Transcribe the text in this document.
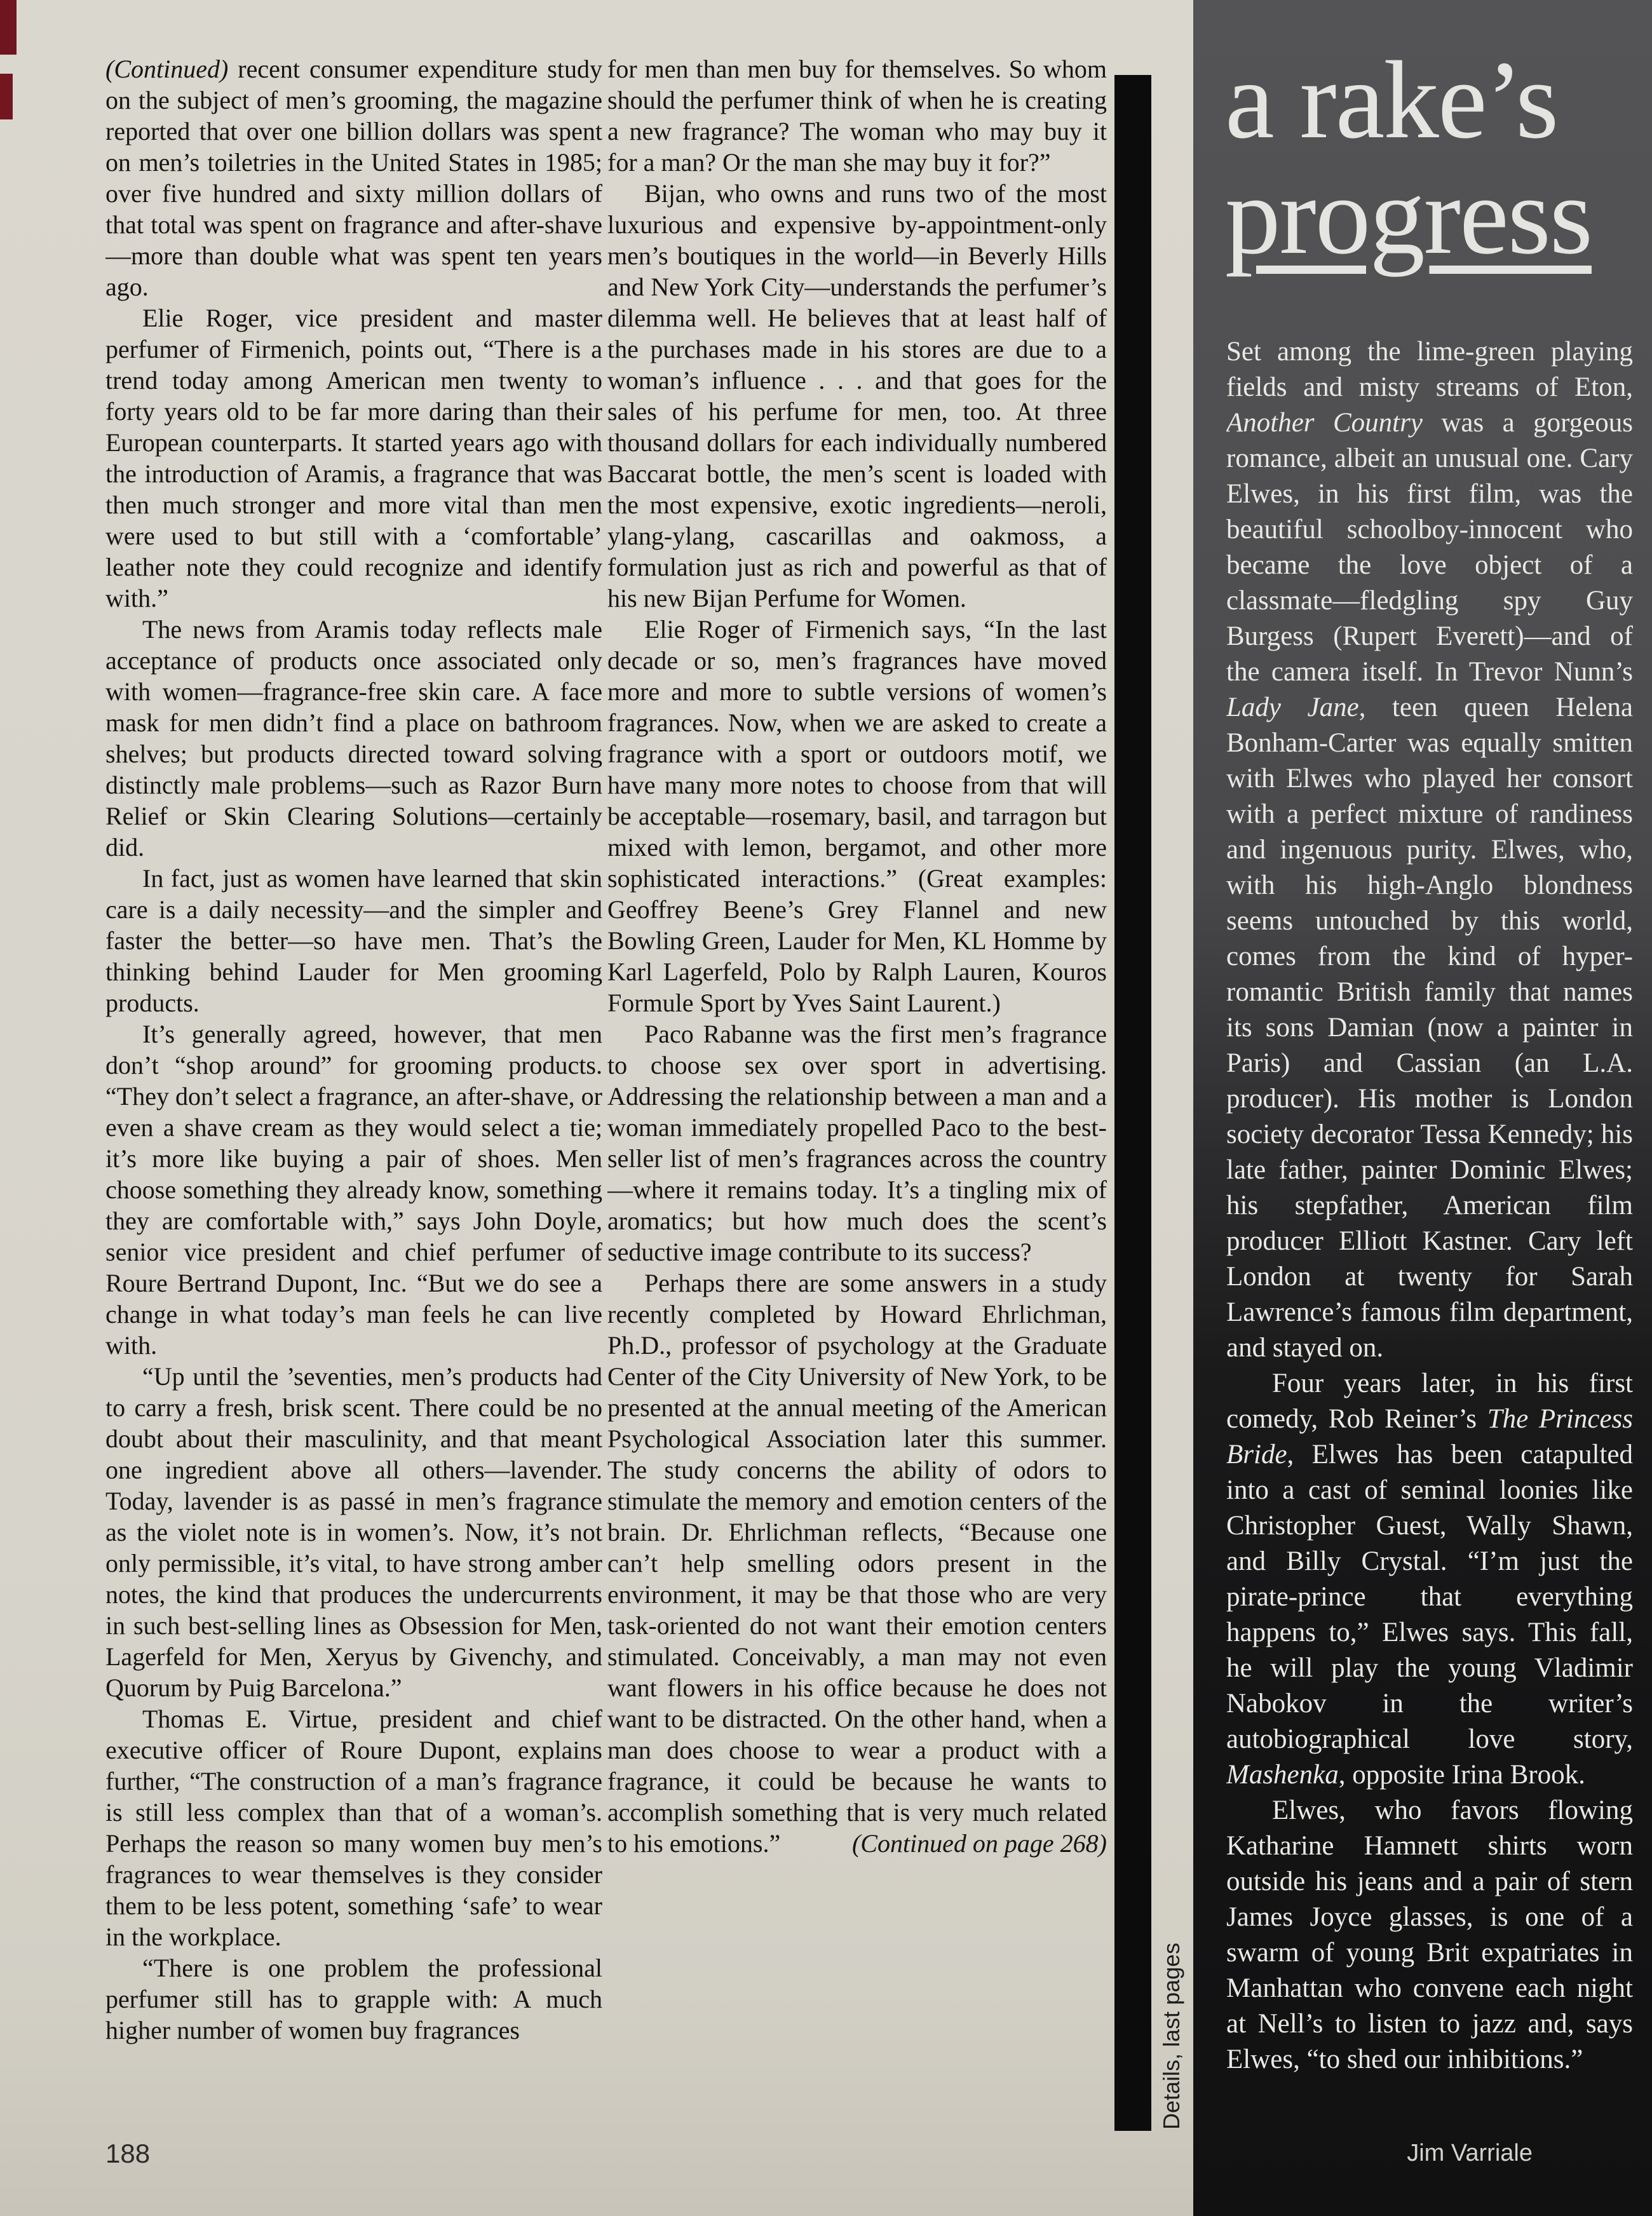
(Continued) recent consumer expenditure study on the subject of men’s grooming, the magazine reported that over one billion dollars was spent on men’s toiletries in the United States in 1985; over five hundred and sixty million dollars of that total was spent on fragrance and after-shave—more than double what was spent ten years ago.

Elie Roger, vice president and master perfumer of Firmenich, points out, “There is a trend today among American men twenty to forty years old to be far more daring than their European counterparts. It started years ago with the introduction of Aramis, a fragrance that was then much stronger and more vital than men were used to but still with a ‘comfortable’ leather note they could recognize and identify with.”

The news from Aramis today reflects male acceptance of products once associated only with women—fragrance-free skin care. A face mask for men didn’t find a place on bathroom shelves; but products directed toward solving distinctly male problems—such as Razor Burn Relief or Skin Clearing Solutions—certainly did.

In fact, just as women have learned that skin care is a daily necessity—and the simpler and faster the better—so have men. That’s the thinking behind Lauder for Men grooming products.

It’s generally agreed, however, that men don’t “shop around” for grooming products. “They don’t select a fragrance, an after-shave, or even a shave cream as they would select a tie; it’s more like buying a pair of shoes. Men choose something they already know, something they are comfortable with,” says John Doyle, senior vice president and chief perfumer of Roure Bertrand Dupont, Inc. “But we do see a change in what today’s man feels he can live with.

“Up until the ’seventies, men’s products had to carry a fresh, brisk scent. There could be no doubt about their masculinity, and that meant one ingredient above all others—lavender. Today, lavender is as passé in men’s fragrance as the violet note is in women’s. Now, it’s not only permissible, it’s vital, to have strong amber notes, the kind that produces the undercurrents in such best-selling lines as Obsession for Men, Lagerfeld for Men, Xeryus by Givenchy, and Quorum by Puig Barcelona.”

Thomas E. Virtue, president and chief executive officer of Roure Dupont, explains further, “The construction of a man’s fragrance is still less complex than that of a woman’s. Perhaps the reason so many women buy men’s fragrances to wear themselves is they consider them to be less potent, something ‘safe’ to wear in the workplace.

“There is one problem the professional perfumer still has to grapple with: A much higher number of women buy fragrances

for men than men buy for themselves. So whom should the perfumer think of when he is creating a new fragrance? The woman who may buy it for a man? Or the man she may buy it for?”

Bijan, who owns and runs two of the most luxurious and expensive by-appointment-only men’s boutiques in the world—in Beverly Hills and New York City—understands the perfumer’s dilemma well. He believes that at least half of the purchases made in his stores are due to a woman’s influence . . . and that goes for the sales of his perfume for men, too. At three thousand dollars for each individually numbered Baccarat bottle, the men’s scent is loaded with the most expensive, exotic ingredients—neroli, ylang-ylang, cascarillas and oakmoss, a formulation just as rich and powerful as that of his new Bijan Perfume for Women.

Elie Roger of Firmenich says, “In the last decade or so, men’s fragrances have moved more and more to subtle versions of women’s fragrances. Now, when we are asked to create a fragrance with a sport or outdoors motif, we have many more notes to choose from that will be acceptable—rosemary, basil, and tarragon but mixed with lemon, bergamot, and other more sophisticated interactions.” (Great examples: Geoffrey Beene’s Grey Flannel and new Bowling Green, Lauder for Men, KL Homme by Karl Lagerfeld, Polo by Ralph Lauren, Kouros Formule Sport by Yves Saint Laurent.)

Paco Rabanne was the first men’s fragrance to choose sex over sport in advertising. Addressing the relationship between a man and a woman immediately propelled Paco to the best-seller list of men’s fragrances across the country—where it remains today. It’s a tingling mix of aromatics; but how much does the scent’s seductive image contribute to its success?

Perhaps there are some answers in a study recently completed by Howard Ehrlichman, Ph.D., professor of psychology at the Graduate Center of the City University of New York, to be presented at the annual meeting of the American Psychological Association later this summer. The study concerns the ability of odors to stimulate the memory and emotion centers of the brain. Dr. Ehrlichman reflects, “Because one can’t help smelling odors present in the environment, it may be that those who are very task-oriented do not want their emotion centers stimulated. Conceivably, a man may not even want flowers in his office because he does not want to be distracted. On the other hand, when a man does choose to wear a product with a fragrance, it could be because he wants to accomplish something that is very much related to his emotions.”	(Continued on page 268)

Details, last pages
a rake’s
progress

Set among the lime-green playing fields and misty streams of Eton, Another Country was a gorgeous romance, albeit an unusual one. Cary Elwes, in his first film, was the beautiful schoolboy-innocent who became the love object of a classmate—fledgling spy Guy Burgess (Rupert Everett)—and of the camera itself. In Trevor Nunn’s Lady Jane, teen queen Helena Bonham-Carter was equally smitten with Elwes who played her consort with a perfect mixture of randiness and ingenuous purity. Elwes, who, with his high-Anglo blondness seems untouched by this world, comes from the kind of hyper-romantic British family that names its sons Damian (now a painter in Paris) and Cassian (an L.A. producer). His mother is London society decorator Tessa Kennedy; his late father, painter Dominic Elwes; his stepfather, American film producer Elliott Kastner. Cary left London at twenty for Sarah Lawrence’s famous film department, and stayed on.

Four years later, in his first comedy, Rob Reiner’s The Princess Bride, Elwes has been catapulted into a cast of seminal loonies like Christopher Guest, Wally Shawn, and Billy Crystal. “I’m just the pirate-prince that everything happens to,” Elwes says. This fall, he will play the young Vladimir Nabokov in the writer’s autobiographical love story, Mashenka, opposite Irina Brook.

Elwes, who favors flowing Katharine Hamnett shirts worn outside his jeans and a pair of stern James Joyce glasses, is one of a swarm of young Brit expatriates in Manhattan who convene each night at Nell’s to listen to jazz and, says Elwes, “to shed our inhibitions.”

188	Jim Varriale
